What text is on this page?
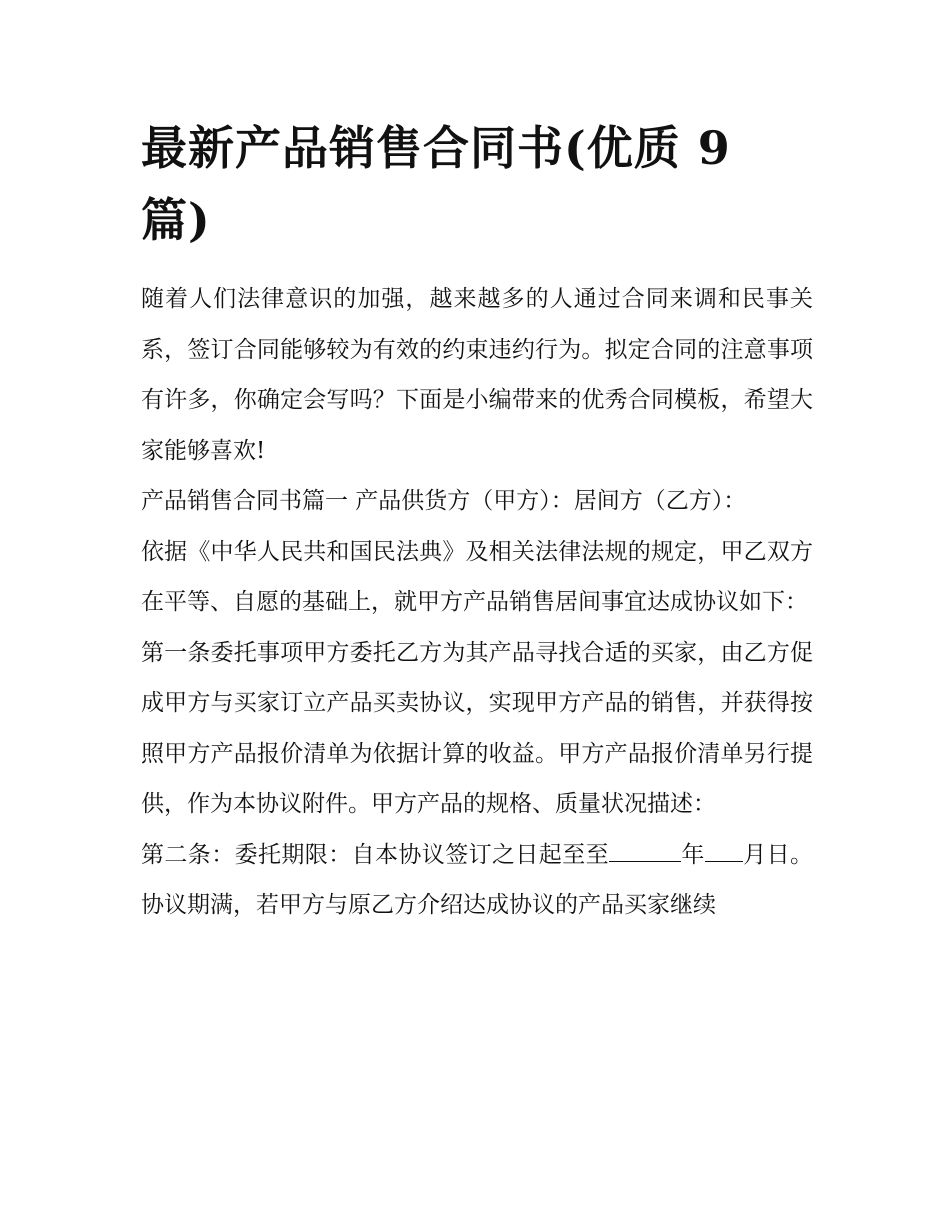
最新产品销售合同书(优质 9 篇)

随着人们法律意识的加强，越来越多的人通过合同来调和民事关系，签订合同能够较为有效的约束违约行为。拟定合同的注意事项有许多，你确定会写吗？下面是小编带来的优秀合同模板，希望大家能够喜欢!

产品销售合同书篇一 产品供货方（甲方）：居间方（乙方）：

依据《中华人民共和国民法典》及相关法律法规的规定，甲乙双方在平等、自愿的基础上，就甲方产品销售居间事宜达成协议如下：

第一条委托事项甲方委托乙方为其产品寻找合适的买家，由乙方促成甲方与买家订立产品买卖协议，实现甲方产品的销售，并获得按照甲方产品报价清单为依据计算的收益。甲方产品报价清单另行提供，作为本协议附件。甲方产品的规格、质量状况描述：

第二条：委托期限：自本协议签订之日起至至	年 月日。协议期满，若甲方与原乙方介绍达成协议的产品买家继续
